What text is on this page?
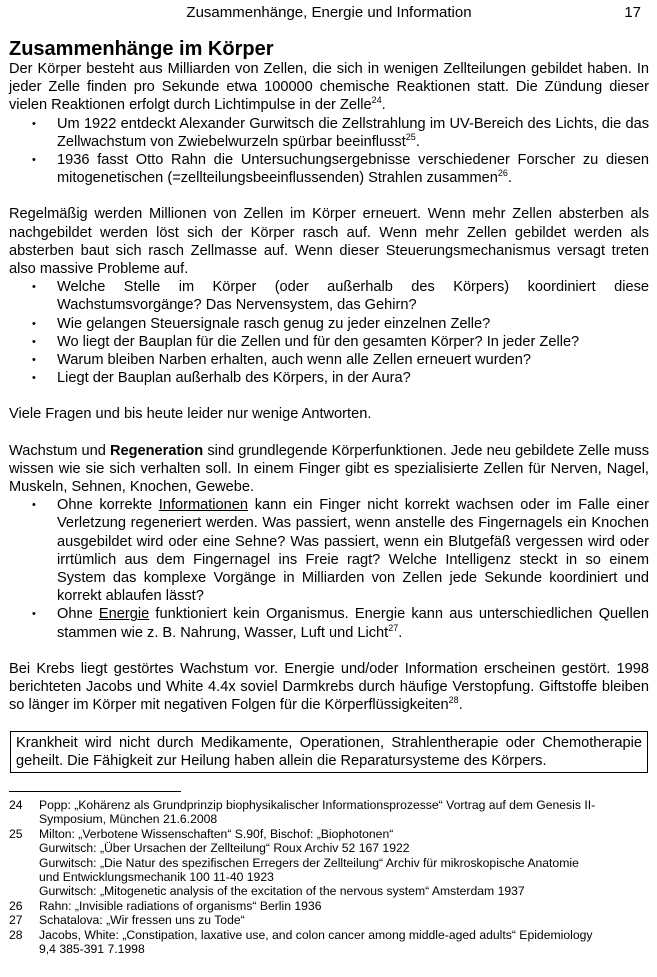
Zusammenhänge, Energie und Information	17
Zusammenhänge im Körper

Der Körper besteht aus Milliarden von Zellen, die sich in wenigen Zellteilungen gebildet haben. In jeder Zelle finden pro Sekunde etwa 100000 chemische Reaktionen statt. Die Zündung dieser vielen Reaktionen erfolgt durch Lichtimpulse in der Zelle$^{24}$.

• Um 1922 entdeckt Alexander Gurwitsch die Zellstrahlung im UV-Bereich des Lichts, die das Zellwachstum von Zwiebelwurzeln spürbar beeinflusst$^{25}$.
• 1936 fasst Otto Rahn die Untersuchungsergebnisse verschiedener Forscher zu diesen mitogenetischen (=zellteilungsbeeinflussenden) Strahlen zusammen$^{26}$.

Regelmäßig werden Millionen von Zellen im Körper erneuert. Wenn mehr Zellen absterben als nachgebildet werden löst sich der Körper rasch auf. Wenn mehr Zellen gebildet werden als absterben baut sich rasch Zellmasse auf. Wenn dieser Steuerungsmechanismus versagt treten also massive Probleme auf.

• Welche Stelle im Körper (oder außerhalb des Körpers) koordiniert diese Wachstumsvorgänge? Das Nervensystem, das Gehirn?
• Wie gelangen Steuersignale rasch genug zu jeder einzelnen Zelle?
• Wo liegt der Bauplan für die Zellen und für den gesamten Körper? In jeder Zelle?
• Warum bleiben Narben erhalten, auch wenn alle Zellen erneuert wurden?
• Liegt der Bauplan außerhalb des Körpers, in der Aura?

Viele Fragen und bis heute leider nur wenige Antworten.

Wachstum und Regeneration sind grundlegende Körperfunktionen. Jede neu gebildete Zelle muss wissen wie sie sich verhalten soll. In einem Finger gibt es spezialisierte Zellen für Nerven, Nagel, Muskeln, Sehnen, Knochen, Gewebe.

• Ohne korrekte Informationen kann ein Finger nicht korrekt wachsen oder im Falle einer Verletzung regeneriert werden. Was passiert, wenn anstelle des Fingernagels ein Knochen ausgebildet wird oder eine Sehne? Was passiert, wenn ein Blutgefäß vergessen wird oder irrtümlich aus dem Fingernagel ins Freie ragt? Welche Intelligenz steckt in so einem System das komplexe Vorgänge in Milliarden von Zellen jede Sekunde koordiniert und korrekt ablaufen lässt?
• Ohne Energie funktioniert kein Organismus. Energie kann aus unterschiedlichen Quellen stammen wie z. B. Nahrung, Wasser, Luft und Licht$^{27}$.

Bei Krebs liegt gestörtes Wachstum vor. Energie und/oder Information erscheinen gestört. 1998 berichteten Jacobs und White 4.4x soviel Darmkrebs durch häufige Verstopfung. Giftstoffe bleiben so länger im Körper mit negativen Folgen für die Körperflüssigkeiten$^{28}$.

Krankheit wird nicht durch Medikamente, Operationen, Strahlentherapie oder Chemotherapie geheilt. Die Fähigkeit zur Heilung haben allein die Reparatursysteme des Körpers.
24 Popp: „Kohärenz als Grundprinzip biophysikalischer Informationsprozesse“ Vortrag auf dem Genesis II-
Symposium, München 21.6.2008
25 Milton: „Verbotene Wissenschaften“ S.90f, Bischof: „Biophotonen“
Gurwitsch: „Über Ursachen der Zellteilung“ Roux Archiv 52 167 1922
Gurwitsch: „Die Natur des spezifischen Erregers der Zellteilung“ Archiv für mikroskopische Anatomie
und Entwicklungsmechanik 100 11-40 1923
Gurwitsch: „Mitogenetic analysis of the excitation of the nervous system“ Amsterdam 1937
26 Rahn: „Invisible radiations of organisms“ Berlin 1936
27 Schatalova: „Wir fressen uns zu Tode“
28 Jacobs, White: „Constipation, laxative use, and colon cancer among middle-aged adults“ Epidemiology
9,4 385-391 7.1998
